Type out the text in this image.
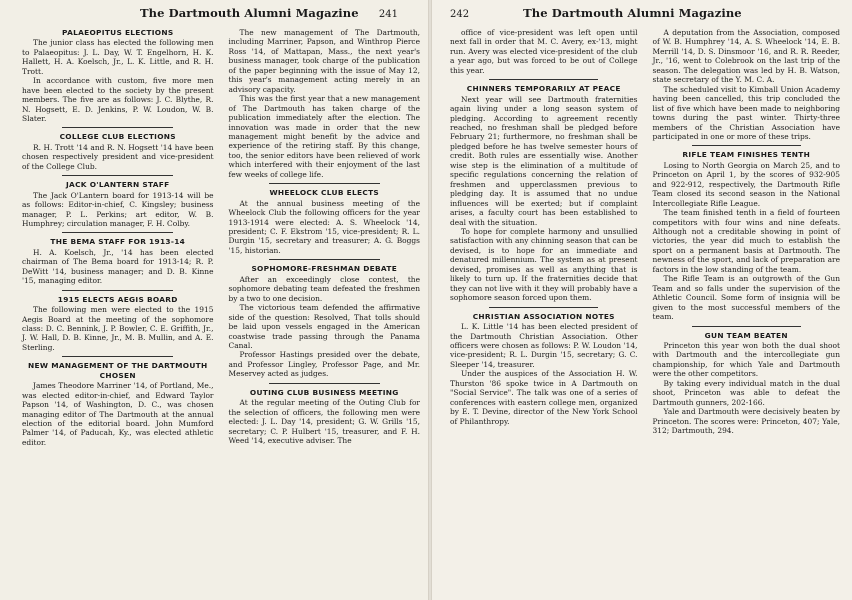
The Dartmouth Alumni Magazine 241
PALAEOPITUS ELECTIONS

The junior class has elected the following men to Palaeopitus: J. L. Day, W. T. Engelhorn, H. K. Hallett, H. A. Koelsch, Jr., L. K. Little, and R. H. Trott.

In accordance with custom, five more men have been elected to the society by the present members. The five are as follows: J. C. Blythe, R. N. Hogsett, E. D. Jenkins, P. W. Loudon, W. B. Slater.

COLLEGE CLUB ELECTIONS

R. H. Trott '14 and R. N. Hogsett '14 have been chosen respectively president and vice-president of the College Club.

JACK O'LANTERN STAFF

The Jack O'Lantern board for 1913-14 will be as follows: Editor-in-chief, C. Kingsley; business manager, P. L. Perkins; art editor, W. B. Humphrey; circulation manager, F. H. Colby.

THE BEMA STAFF FOR 1913-14

H. A. Koelsch, Jr., '14 has been elected chairman of The Bema board for 1913-14; R. P. DeWitt '14, business manager; and D. B. Kinne '15, managing editor.

1915 ELECTS AEGIS BOARD

The following men were elected to the 1915 Aegis Board at the meeting of the sophomore class: D. C. Bennink, J. P. Bowler, C. E. Griffith, Jr., J. W. Hall, D. B. Kinne, Jr., M. B. Mullin, and A. E. Sterling.

NEW MANAGEMENT OF THE DARTMOUTH CHOSEN

James Theodore Marriner '14, of Portland, Me., was elected editor-in-chief, and Edward Taylor Papson '14, of Washington, D. C., was chosen managing editor of The Dartmouth at the annual election of the editorial board. John Mumford Palmer '14, of Paducah, Ky., was elected athletic editor.

The new management of The Dartmouth, including Marriner, Papson, and Winthrop Pierce Ross '14, of Mattapan, Mass., the next year's business manager, took charge of the publication of the paper beginning with the issue of May 12, this year's management acting merely in an advisory capacity.

This was the first year that a new management of The Dartmouth has taken charge of the publication immediately after the election. The innovation was made in order that the new management might benefit by the advice and experience of the retiring staff. By this change, too, the senior editors have been relieved of work which interfered with their enjoyment of the last few weeks of college life.

WHEELOCK CLUB ELECTS

At the annual business meeting of the Wheelock Club the following officers for the year 1913-1914 were elected: A. S. Wheelock '14, president; C. F. Ekstrom '15, vice-president; R. L. Durgin '15, secretary and treasurer; A. G. Boggs '15, historian.

SOPHOMORE-FRESHMAN DEBATE

After an exceedingly close contest, the sophomore debating team defeated the freshmen by a two to one decision.

The victorious team defended the affirmative side of the question: Resolved, That tolls should be laid upon vessels engaged in the American coastwise trade passing through the Panama Canal.

Professor Hastings presided over the debate, and Professor Lingley, Professor Page, and Mr. Meservey acted as judges.

OUTING CLUB BUSINESS MEETING

At the regular meeting of the Outing Club for the selection of officers, the following men were elected: J. L. Day '14, president; G. W. Grills '15, secretary; C. P. Hulbert '15, treasurer, and F. H. Weed '14, executive adviser. The

242	The Dartmouth Alumni Magazine

office of vice-president was left open until next fall in order that M. C. Avery, ex-'13, might run. Avery was elected vice-president of the club a year ago, but was forced to be out of College this year.

CHINNERS TEMPORARILY AT PEACE

Next year will see Dartmouth fraternities again living under a long season system of pledging. According to agreement recently reached, no freshman shall be pledged before February 21; furthermore, no freshman shall be pledged before he has twelve semester hours of credit. Both rules are essentially wise. Another wise step is the elimination of a multitude of specific regulations concerning the relation of freshmen and upperclassmen previous to pledging day. It is assumed that no undue influences will be exerted; but if complaint arises, a faculty court has been established to deal with the situation.

To hope for complete harmony and unsullied satisfaction with any chinning season that can be devised, is to hope for an immediate and denatured millennium. The system as at present devised, promises as well as anything that is likely to turn up. If the fraternities decide that they can not live with it they will probably have a sophomore season forced upon them.

CHRISTIAN ASSOCIATION NOTES

L. K. Little '14 has been elected president of the Dartmouth Christian Association. Other officers were chosen as follows: P. W. Loudon '14, vice-president; R. L. Durgin '15, secretary; G. C. Sleeper '14, treasurer.

Under the auspices of the Association H. W. Thurston '86 spoke twice in A Dartmouth on "Social Service". The talk was one of a series of conferences with eastern college men, organized by E. T. Devine, director of the New York School of Philanthropy.

A deputation from the Association, composed of W. B. Humphrey '14, A. S. Wheelock '14, E. B. Merrill '14, D. S. Dinsmoor '16, and R. R. Reeder, Jr., '16, went to Colebrook on the last trip of the season. The delegation was led by H. B. Watson, state secretary of the Y. M. C. A.

The scheduled visit to Kimball Union Academy having been cancelled, this trip concluded the list of five which have been made to neighboring towns during the past winter. Thirty-three members of the Christian Association have participated in one or more of these trips.

RIFLE TEAM FINISHES TENTH

Losing to North Georgia on March 25, and to Princeton on April 1, by the scores of 932-905 and 922-912, respectively, the Dartmouth Rifle Team closed its second season in the National Intercollegiate Rifle League.

The team finished tenth in a field of fourteen competitors with four wins and nine defeats. Although not a creditable showing in point of victories, the year did much to establish the sport on a permanent basis at Dartmouth. The newness of the sport, and lack of preparation are factors in the low standing of the team.

The Rifle Team is an outgrowth of the Gun Team and so falls under the supervision of the Athletic Council. Some form of insignia will be given to the most successful members of the team.

GUN TEAM BEATEN

Princeton this year won both the dual shoot with Dartmouth and the intercollegiate gun championship, for which Yale and Dartmouth were the other competitors.

By taking every individual match in the dual shoot, Princeton was able to defeat the Dartmouth gunners, 202-166.

Yale and Dartmouth were decisively beaten by Princeton. The scores were: Princeton, 407; Yale, 312; Dartmouth, 294.
